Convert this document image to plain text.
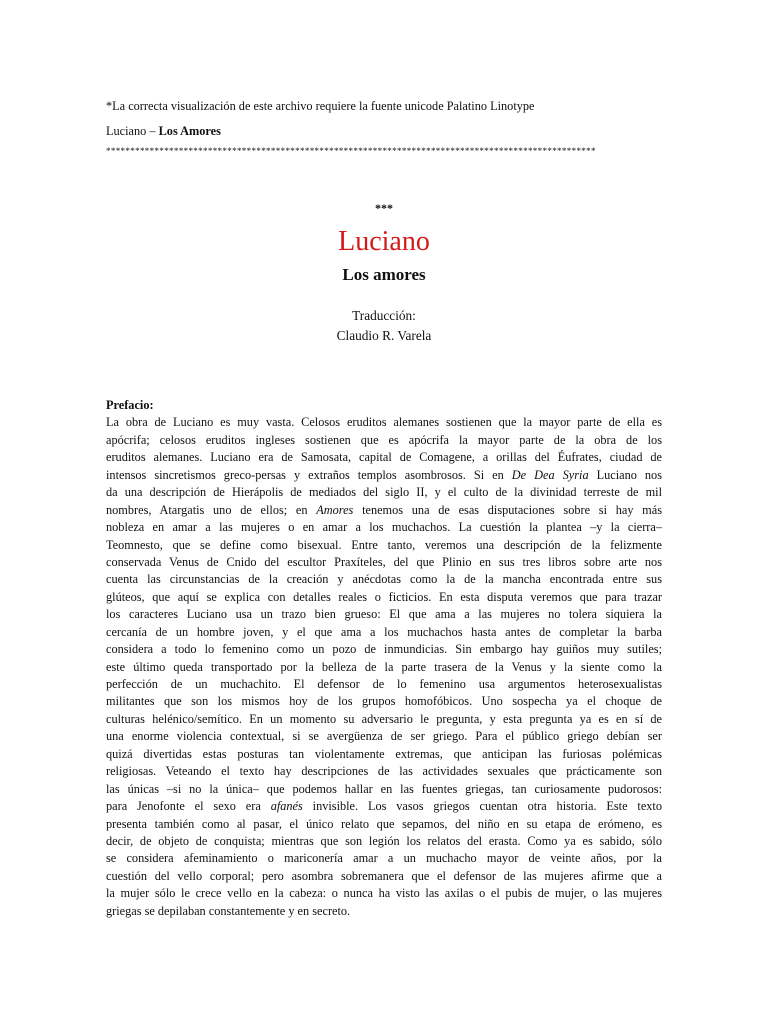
*La correcta visualización de este archivo requiere la fuente unicode Palatino Linotype
Luciano – Los Amores
*****************************************************************************************************
***
Luciano
Los amores
Traducción:
Claudio R. Varela
Prefacio:
La obra de Luciano es muy vasta. Celosos eruditos alemanes sostienen que la mayor parte de ella es
apócrifa; celosos eruditos ingleses sostienen que es apócrifa la mayor parte de la obra de los
eruditos alemanes. Luciano era de Samosata, capital de Comagene, a orillas del Éufrates, ciudad de
intensos sincretismos greco-persas y extraños templos asombrosos. Si en De Dea Syria Luciano nos
da una descripción de Hierápolis de mediados del siglo II, y el culto de la divinidad terreste de mil
nombres, Atargatis uno de ellos; en Amores tenemos una de esas disputaciones sobre si hay más
nobleza en amar a las mujeres o en amar a los muchachos. La cuestión la plantea –y la cierra–
Teomnesto, que se define como bisexual. Entre tanto, veremos una descripción de la felizmente
conservada Venus de Cnido del escultor Praxíteles, del que Plinio en sus tres libros sobre arte nos
cuenta las circunstancias de la creación y anécdotas como la de la mancha encontrada entre sus
glúteos, que aquí se explica con detalles reales o ficticios. En esta disputa veremos que para trazar
los caracteres Luciano usa un trazo bien grueso: El que ama a las mujeres no tolera siquiera la
cercanía de un hombre joven, y el que ama a los muchachos hasta antes de completar la barba
considera a todo lo femenino como un pozo de inmundicias. Sin embargo hay guiños muy sutiles;
este último queda transportado por la belleza de la parte trasera de la Venus y la siente como la
perfección de un muchachito. El defensor de lo femenino usa argumentos heterosexualistas
militantes que son los mismos hoy de los grupos homofóbicos. Uno sospecha ya el choque de
culturas helénico/semítico. En un momento su adversario le pregunta, y esta pregunta ya es en sí de
una enorme violencia contextual, si se avergüenza de ser griego. Para el público griego debían ser
quizá divertidas estas posturas tan violentamente extremas, que anticipan las furiosas polémicas
religiosas. Veteando el texto hay descripciones de las actividades sexuales que prácticamente son
las únicas –si no la única– que podemos hallar en las fuentes griegas, tan curiosamente pudorosos:
para Jenofonte el sexo era afanés invisible. Los vasos griegos cuentan otra historia. Este texto
presenta también como al pasar, el único relato que sepamos, del niño en su etapa de erómeno, es
decir, de objeto de conquista; mientras que son legión los relatos del erasta. Como ya es sabido, sólo
se considera afeminamiento o mariconería amar a un muchacho mayor de veinte años, por la
cuestión del vello corporal; pero asombra sobremanera que el defensor de las mujeres afirme que a
la mujer sólo le crece vello en la cabeza: o nunca ha visto las axilas o el pubis de mujer, o las mujeres
griegas se depilaban constantemente y en secreto.
